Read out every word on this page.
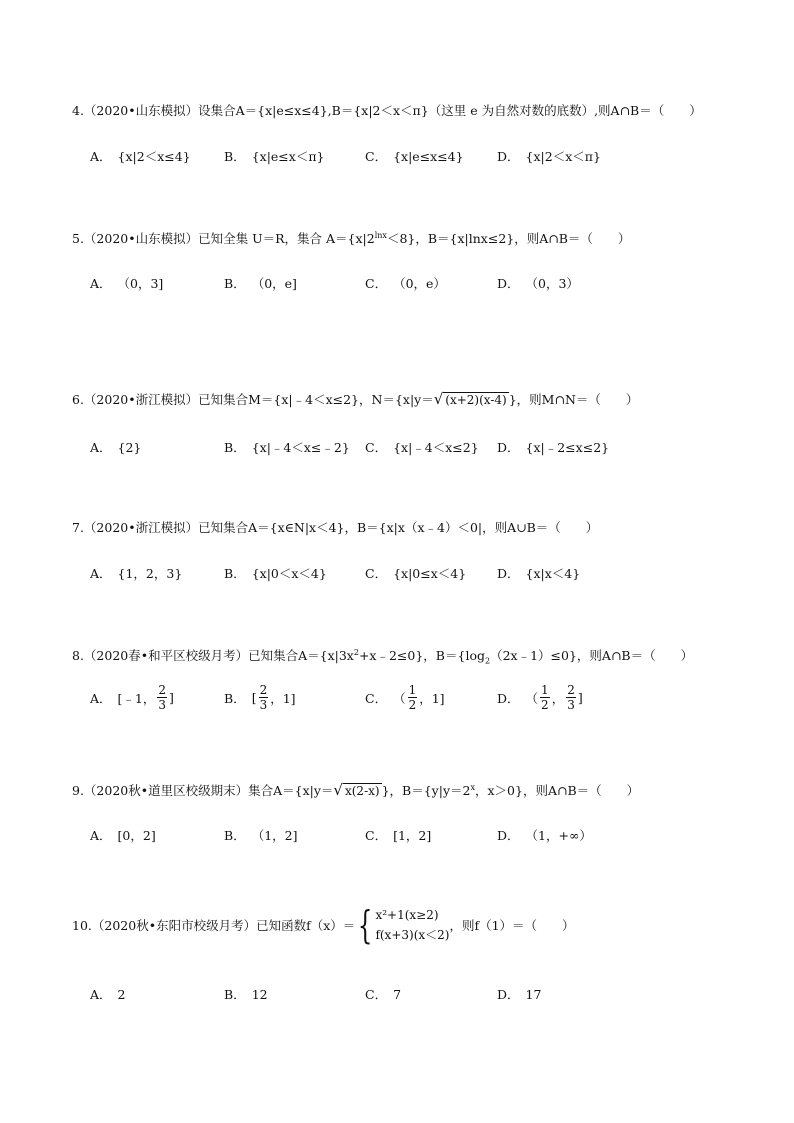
4.（2020•山东模拟）设集合A＝{x|e≤x≤4},B＝{x|2＜x＜π}（这里 e 为自然对数的底数）,则A∩B＝（　　）
A． {x|2＜x≤4}	B． {x|e≤x＜π}	C． {x|e≤x≤4}	D． {x|2＜x＜π}
5.（2020•山东模拟）已知全集 U＝R，集合 $A=\{x|2^{lnx}<8\}$，B＝{x|lnx≤2}，则A∩B＝（　　）
A． （0，3]	B． （0，e]	C． （0，e）	D． （0，3）
6.（2020•浙江模拟）已知集合M＝{x|﹣4＜x≤2}，N＝{x|y＝ √ (x+2)(x-4) }，则M∩N＝（　　）
A． {2}	B． {x|﹣4＜x≤﹣2} C． {x|﹣4＜x≤2} D． {x|﹣2≤x≤2}
7.（2020•浙江模拟）已知集合A＝{x∈N|x＜4}，B＝{x|x（x﹣4）＜0|，则A∪B＝（　　）
A． {1，2，3}	B． {x|0＜x＜4}	C． {x|0≤x＜4} D． {x|x＜4}
8.（2020春•和平区校级月考）已知集合$A=\{x|3x^2+x﹣2\le 0\}$，$B=\{\log_2(2x﹣1)\le 0\}$，则A∩B＝（　　）
A． [﹣1， $\frac{2}{3}$ ]	B． [ $\frac{2}{3}$ ，1]	C． （ $\frac{1}{2}$ ，1]	D． （ $\frac{1}{2}$ ， $\frac{2}{3}$ ]
9.（2020秋•道里区校级期末）集合A＝{x|y＝ √ x(2-x) }，$B=\{y|y=2^x$，x＞0}，则A∩B＝（　　）
A． [0，2]	B． （1，2]	C． [1，2]	D． （1，+∞）
10.（2020秋•东阳市校级月考）已知函数f（x）＝ { x²+1(x≥2)
f(x+3)(x＜2)
，则f（1）＝（　　）
A． 2	B． 12	C． 7	D． 17
